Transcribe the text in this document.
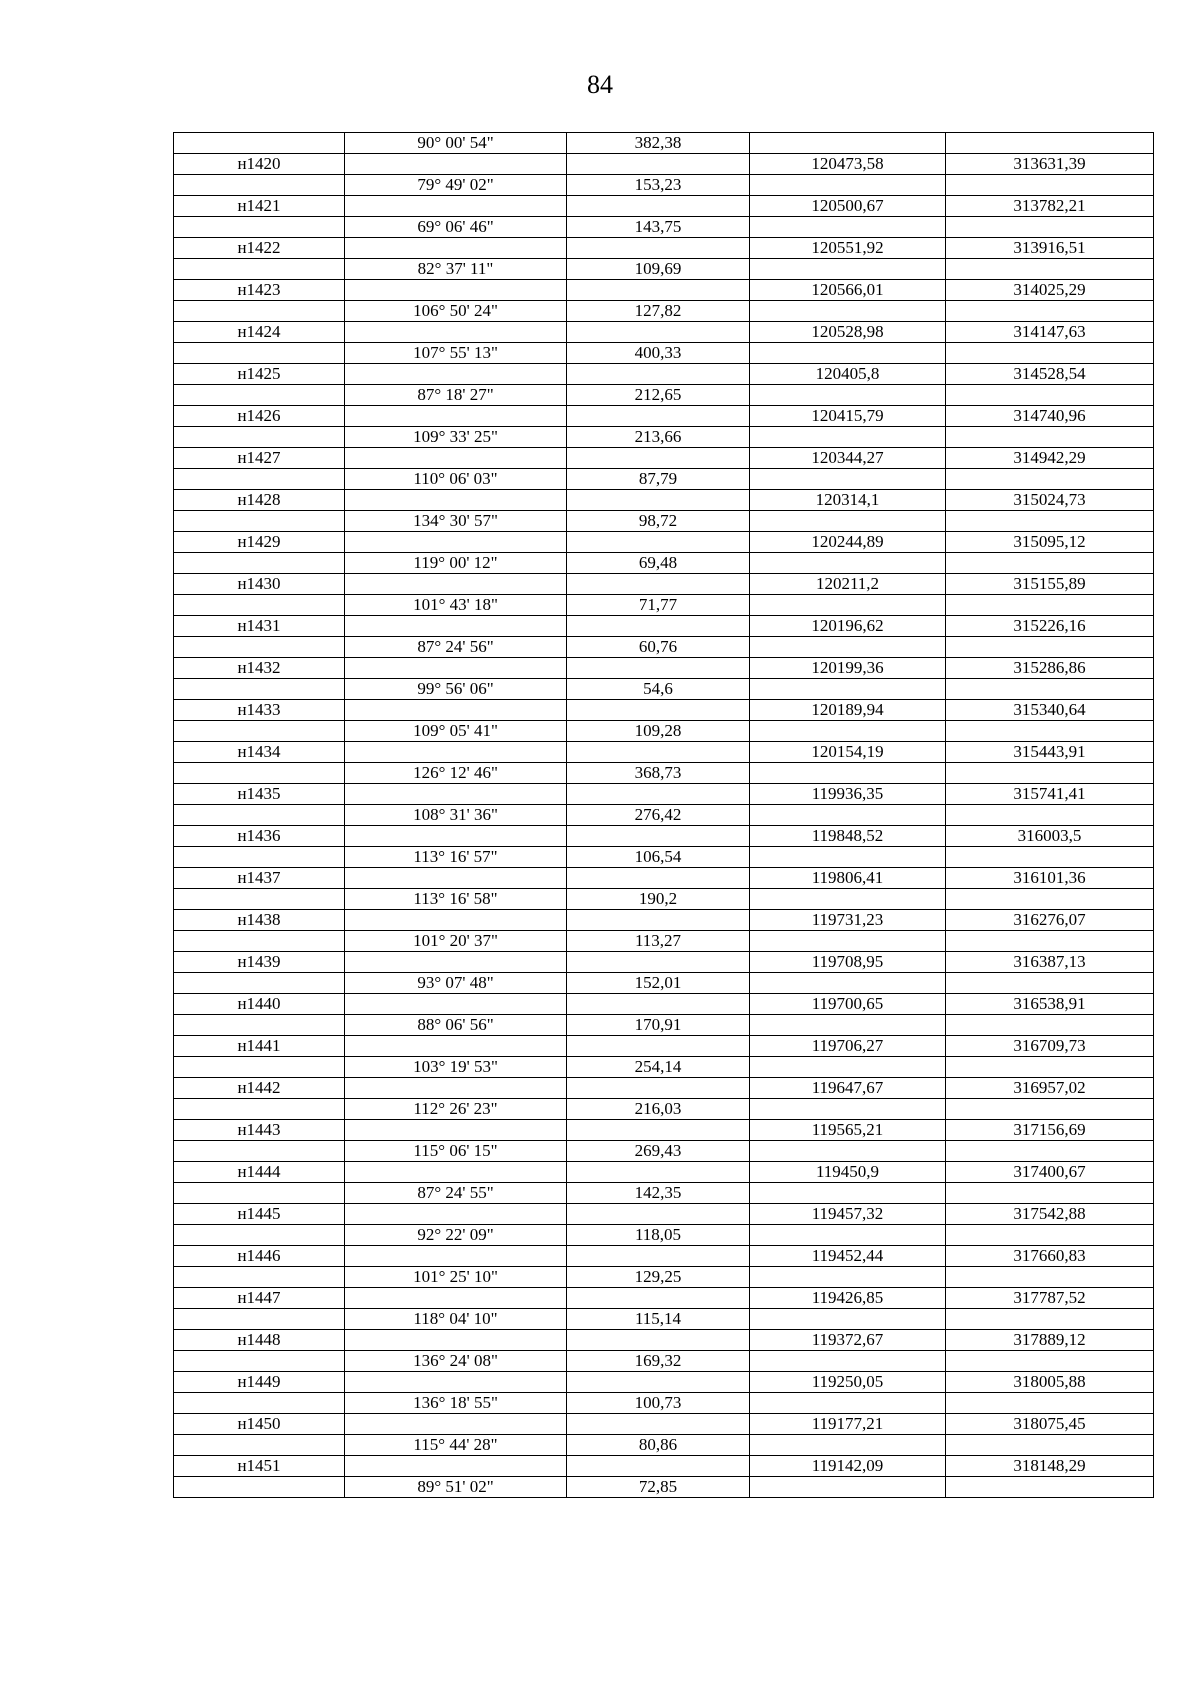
84
	90° 00' 54"	382,38		
н1420			120473,58	313631,39
	79° 49' 02"	153,23		
н1421			120500,67	313782,21
	69° 06' 46"	143,75		
н1422			120551,92	313916,51
	82° 37' 11"	109,69		
н1423			120566,01	314025,29
	106° 50' 24"	127,82		
н1424			120528,98	314147,63
	107° 55' 13"	400,33		
н1425			120405,8	314528,54
	87° 18' 27"	212,65		
н1426			120415,79	314740,96
	109° 33' 25"	213,66		
н1427			120344,27	314942,29
	110° 06' 03"	87,79		
н1428			120314,1	315024,73
	134° 30' 57"	98,72		
н1429			120244,89	315095,12
	119° 00' 12"	69,48		
н1430			120211,2	315155,89
	101° 43' 18"	71,77		
н1431			120196,62	315226,16
	87° 24' 56"	60,76		
н1432			120199,36	315286,86
	99° 56' 06"	54,6		
н1433			120189,94	315340,64
	109° 05' 41"	109,28		
н1434			120154,19	315443,91
	126° 12' 46"	368,73		
н1435			119936,35	315741,41
	108° 31' 36"	276,42		
н1436			119848,52	316003,5
	113° 16' 57"	106,54		
н1437			119806,41	316101,36
	113° 16' 58"	190,2		
н1438			119731,23	316276,07
	101° 20' 37"	113,27		
н1439			119708,95	316387,13
	93° 07' 48"	152,01		
н1440			119700,65	316538,91
	88° 06' 56"	170,91		
н1441			119706,27	316709,73
	103° 19' 53"	254,14		
н1442			119647,67	316957,02
	112° 26' 23"	216,03		
н1443			119565,21	317156,69
	115° 06' 15"	269,43		
н1444			119450,9	317400,67
	87° 24' 55"	142,35		
н1445			119457,32	317542,88
	92° 22' 09"	118,05		
н1446			119452,44	317660,83
	101° 25' 10"	129,25		
н1447			119426,85	317787,52
	118° 04' 10"	115,14		
н1448			119372,67	317889,12
	136° 24' 08"	169,32		
н1449			119250,05	318005,88
	136° 18' 55"	100,73		
н1450			119177,21	318075,45
	115° 44' 28"	80,86		
н1451			119142,09	318148,29
	89° 51' 02"	72,85		
